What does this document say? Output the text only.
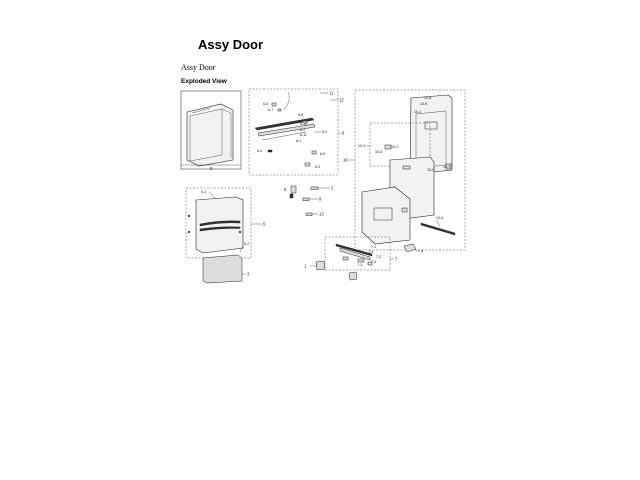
Assy Door
Assy Door
Exploded View
0
5
5-1
5-2
3
6-6
6-7
6-8
6-10
6-9
6-11
6-1
6-2
6-4
6-5
6-3
6
11
12
8	2
9
13
10-8
10-9
10-1
10-3
10-6
10-2
10-5
10-7
10-4
10
7-1
7-4
7-2
7-5
7-3
7
1
4
